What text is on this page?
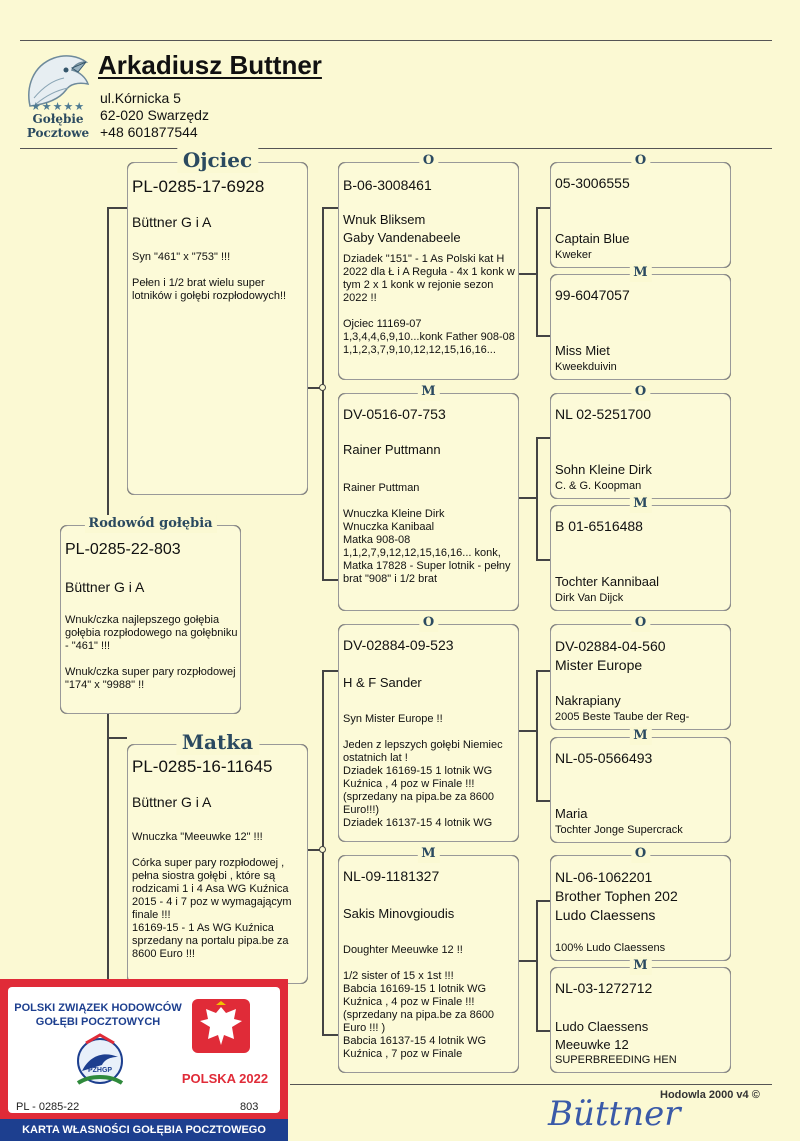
★★★★★
Gołębie
Pocztowe
Arkadiusz Buttner
ul.Kórnicka 5
62-020 Swarzędz
+48 601877544
Ojciec
PL-0285-17-6928
Büttner G i A
Syn "461" x "753" !!!

Pełen i 1/2 brat wielu super lotników i gołębi rozpłodowych!!
Rodowód gołębia
PL-0285-22-803
Büttner G i A
Wnuk/czka najlepszego gołębia gołębia rozpłodowego na gołębniku - "461" !!!

Wnuk/czka super pary rozpłodowej "174" x "9988" !!
Matka
PL-0285-16-11645
Büttner G i A
Wnuczka "Meeuwke 12" !!!

Córka super pary rozpłodowej , pełna siostra gołębi , które są rodzicami 1 i 4 Asa WG Kuźnica 2015 - 4 i 7 poz w wymagającym finale !!!
16169-15 - 1 As WG Kuźnica sprzedany na portalu pipa.be za 8600 Euro !!!
O
B-06-3008461
Wnuk Bliksem
Gaby Vandenabeele
Dziadek "151" - 1 As Polski kat H 2022 dla Ł i A Reguła - 4x 1 konk w tym 2 x 1 konk w rejonie sezon 2022 !!

Ojciec 11169-07 1,3,4,4,6,9,10...konk Father 908-08 1,1,2,3,7,9,10,12,12,15,16,16...
M
DV-0516-07-753
Rainer Puttmann
Rainer Puttman

Wnuczka Kleine Dirk
Wnuczka Kanibaal
Matka 908-08
1,1,2,7,9,12,12,15,16,16... konk,
Matka 17828 - Super lotnik - pełny brat "908" i 1/2 brat
O
DV-02884-09-523
H & F Sander
Syn Mister Europe !!

Jeden z lepszych gołębi Niemiec ostatnich lat !
Dziadek 16169-15 1 lotnik WG Kuźnica , 4 poz w Finale !!! (sprzedany na pipa.be za 8600 Euro!!!)
Dziadek 16137-15 4 lotnik WG
M
NL-09-1181327
Sakis Minovgioudis
Doughter Meeuwke 12 !!

1/2 sister of 15 x 1st !!!
Babcia 16169-15 1 lotnik WG Kuźnica , 4 poz w Finale !!! (sprzedany na pipa.be za 8600 Euro !!! )
Babcia 16137-15 4 lotnik WG Kuźnica , 7 poz w Finale
O
05-3006555
Captain Blue
Kweker
M
99-6047057
Miss Miet
Kweekduivin
O
NL 02-5251700
Sohn Kleine Dirk
C. & G. Koopman
M
B 01-6516488
Tochter Kannibaal
Dirk Van Dijck
O
DV-02884-04-560
Mister Europe
Nakrapiany
2005 Beste Taube der Reg-
M
NL-05-0566493
Maria
Tochter Jonge Supercrack
O
NL-06-1062201
Brother Tophen 202
Ludo Claessens
100% Ludo Claessens
M
NL-03-1272712
Ludo Claessens
Meeuwke 12
SUPERBREEDING HEN
Hodowla 2000 v4 ©
Büttner
POLSKI ZWIĄZEK HODOWCÓW
GOŁĘBI POCZTOWYCH
PZHGP
POLSKA 2022
PL - 0285-22	803
KARTA WŁASNOŚCI GOŁĘBIA POCZTOWEGO
